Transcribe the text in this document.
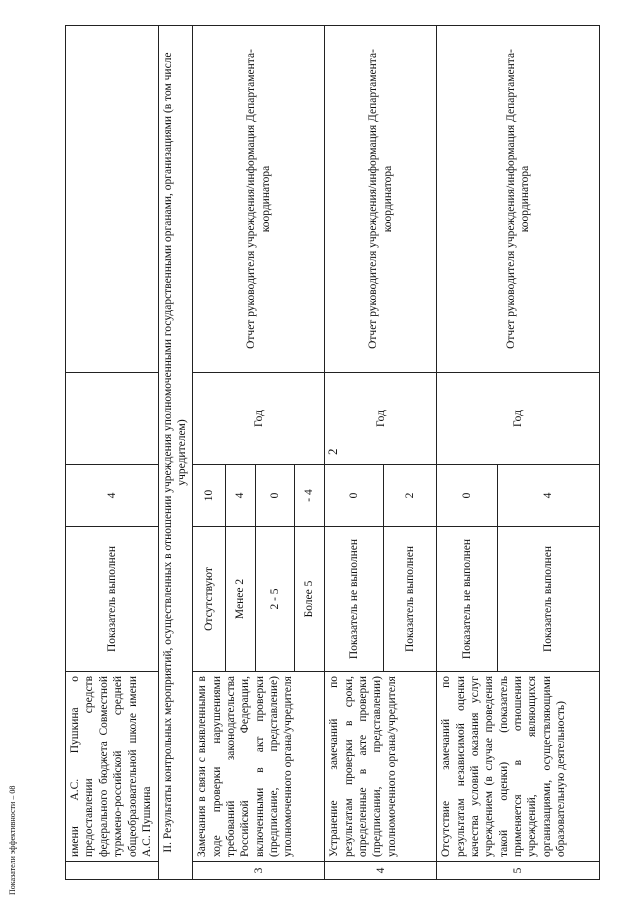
2
	имени А.С. Пушкина о предоставлении средств федерального бюджета Совместной туркмено-российской средней общеобразовательной школе имени А.С. Пушкина	Показатель выполнен	4		
II. Результаты контрольных мероприятий, осуществленных в отношении учреждения уполномоченными государственными органами, организациями (в том числе учредителем)					
3	Замечания в связи с выявленными в ходе проверки нарушениями требований законодательства Российской Федерации, включенными в акт проверки (предписание, представление) уполномоченного органа/учредителя	Отсутствуют	10	Год	Отчет руководителя учреждения/информация Департамента-координатора
		Менее 2	4		
		2 - 5	0		
		Более 5	- 4		
4	Устранение замечаний по результатам проверки в сроки, определенные в акте проверки (предписании, представлении) уполномоченного органа/учредителя	Показатель не выполнен	0	Год	Отчет руководителя учреждения/информация Департамента-координатора
		Показатель выполнен	2		
5	Отсутствие замечаний по результатам независимой оценки качества условий оказания услуг учреждением (в случае проведения такой оценки) (показатель применяется в отношении учреждений, являющихся организациями, осуществляющими образовательную деятельность)	Показатель не выполнен	0	Год	Отчет руководителя учреждения/информация Департамента-координатора
		Показатель выполнен	4		
Показатели эффективности – 08
